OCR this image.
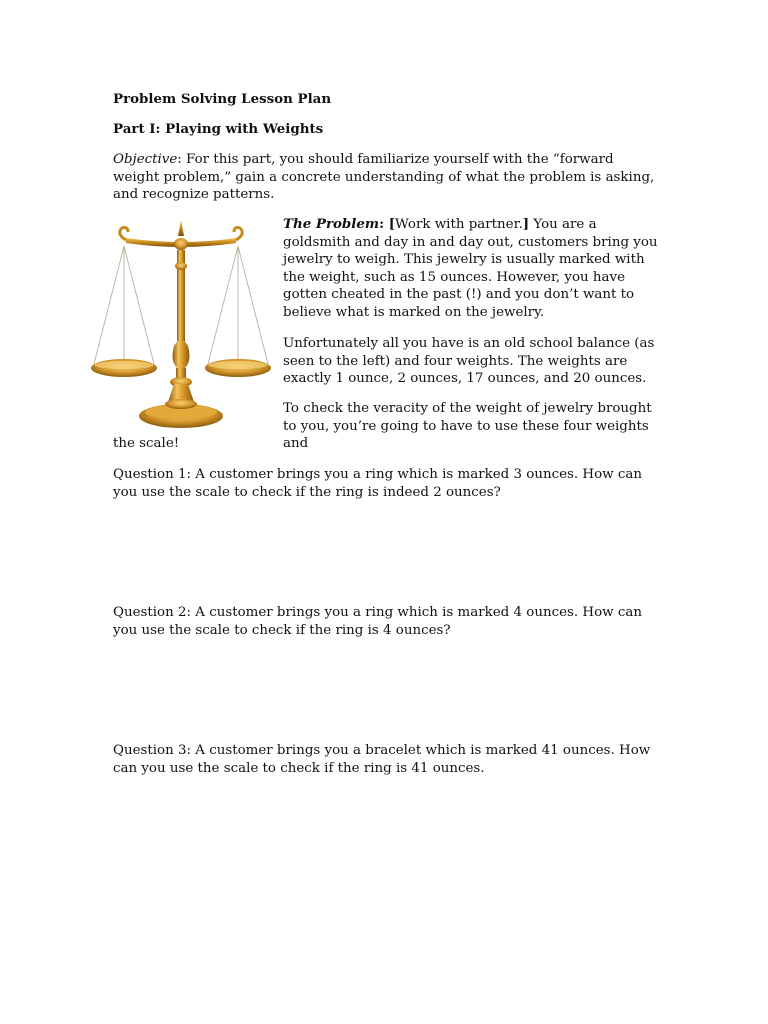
Problem Solving Lesson Plan
Part I: Playing with Weights
Objective: For this part, you should familiarize yourself with the “forward weight problem,” gain a concrete understanding of what the problem is asking, and recognize patterns.
The Problem: [Work with partner.] You are a goldsmith and day in and day out, customers bring you jewelry to weigh. This jewelry is usually marked with the weight, such as 15 ounces. However, you have gotten cheated in the past (!) and you don’t want to believe what is marked on the jewelry.
Unfortunately all you have is an old school balance (as seen to the left) and four weights. The weights are exactly 1 ounce, 2 ounces, 17 ounces, and 20 ounces.
To check the veracity of the weight of jewelry brought to you, you’re going to have to use these four weights and
the scale!
Question 1: A customer brings you a ring which is marked 3 ounces. How can you use the scale to check if the ring is indeed 2 ounces?
Question 2: A customer brings you a ring which is marked 4 ounces. How can you use the scale to check if the ring is 4 ounces?
Question 3: A customer brings you a bracelet which is marked 41 ounces. How can you use the scale to check if the ring is 41 ounces.
